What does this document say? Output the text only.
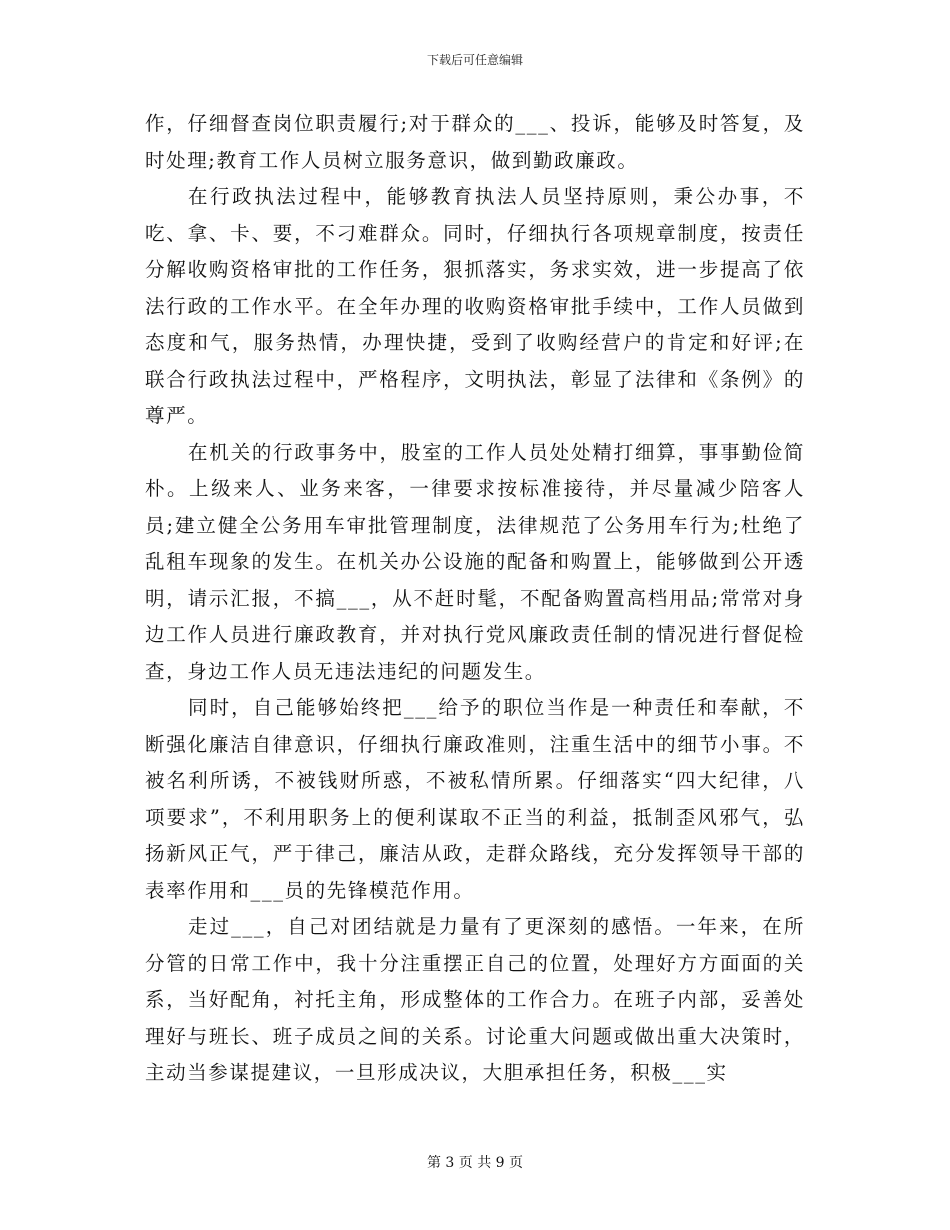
下载后可任意编辑

作，仔细督查岗位职责履行;对于群众的___、投诉，能够及时答复，及时处理;教育工作人员树立服务意识，做到勤政廉政。

在行政执法过程中，能够教育执法人员坚持原则，秉公办事，不吃、拿、卡、要，不刁难群众。同时，仔细执行各项规章制度，按责任分解收购资格审批的工作任务，狠抓落实，务求实效，进一步提高了依法行政的工作水平。在全年办理的收购资格审批手续中，工作人员做到态度和气，服务热情，办理快捷，受到了收购经营户的肯定和好评;在联合行政执法过程中，严格程序，文明执法，彰显了法律和《条例》的尊严。

在机关的行政事务中，股室的工作人员处处精打细算，事事勤俭简朴。上级来人、业务来客，一律要求按标准接待，并尽量减少陪客人员;建立健全公务用车审批管理制度，法律规范了公务用车行为;杜绝了乱租车现象的发生。在机关办公设施的配备和购置上，能够做到公开透明，请示汇报，不搞___，从不赶时髦，不配备购置高档用品;常常对身边工作人员进行廉政教育，并对执行党风廉政责任制的情况进行督促检查，身边工作人员无违法违纪的问题发生。

同时，自己能够始终把___给予的职位当作是一种责任和奉献，不断强化廉洁自律意识，仔细执行廉政准则，注重生活中的细节小事。不被名利所诱，不被钱财所惑，不被私情所累。仔细落实“四大纪律，八项要求”，不利用职务上的便利谋取不正当的利益，抵制歪风邪气，弘扬新风正气，严于律己，廉洁从政，走群众路线，充分发挥领导干部的表率作用和___员的先锋模范作用。

走过___，自己对团结就是力量有了更深刻的感悟。一年来，在所分管的日常工作中，我十分注重摆正自己的位置，处理好方方面面的关系，当好配角，衬托主角，形成整体的工作合力。在班子内部，妥善处理好与班长、班子成员之间的关系。讨论重大问题或做出重大决策时，主动当参谋提建议，一旦形成决议，大胆承担任务，积极___实

第 3 页 共 9 页
